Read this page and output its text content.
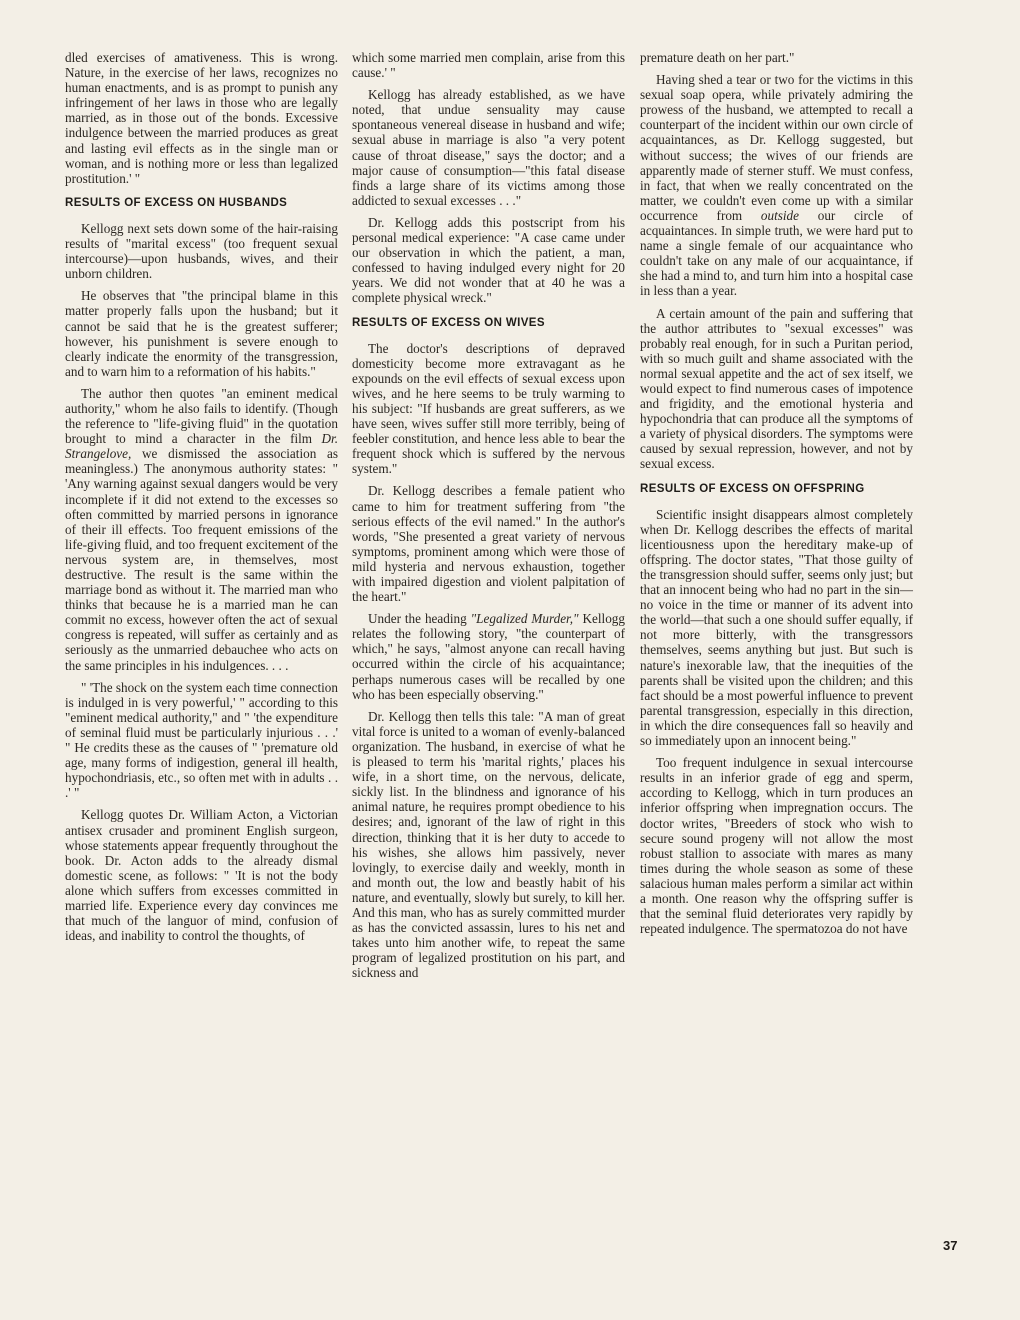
dled exercises of amativeness. This is wrong. Nature, in the exercise of her laws, recognizes no human enactments, and is as prompt to punish any infringement of her laws in those who are legally married, as in those out of the bonds. Excessive indulgence between the married produces as great and lasting evil effects as in the single man or woman, and is nothing more or less than legalized prostitution.' "

RESULTS OF EXCESS ON HUSBANDS

Kellogg next sets down some of the hair-raising results of "marital excess" (too frequent sexual intercourse)—upon husbands, wives, and their unborn children.

He observes that "the principal blame in this matter properly falls upon the husband; but it cannot be said that he is the greatest sufferer; however, his punishment is severe enough to clearly indicate the enormity of the transgression, and to warn him to a reformation of his habits."

The author then quotes "an eminent medical authority," whom he also fails to identify. (Though the reference to "life-giving fluid" in the quotation brought to mind a character in the film Dr. Strangelove, we dismissed the association as meaningless.) The anonymous authority states: " 'Any warning against sexual dangers would be very incomplete if it did not extend to the excesses so often committed by married persons in ignorance of their ill effects. Too frequent emissions of the life-giving fluid, and too frequent excitement of the nervous system are, in themselves, most destructive. The result is the same within the marriage bond as without it. The married man who thinks that because he is a married man he can commit no excess, however often the act of sexual congress is repeated, will suffer as certainly and as seriously as the unmarried debauchee who acts on the same principles in his indulgences. . . .

" 'The shock on the system each time connection is indulged in is very powerful,' " according to this "eminent medical authority," and " 'the expenditure of seminal fluid must be particularly injurious . . .' " He credits these as the causes of " 'premature old age, many forms of indigestion, general ill health, hypochondriasis, etc., so often met with in adults . . .' "

Kellogg quotes Dr. William Acton, a Victorian antisex crusader and prominent English surgeon, whose statements appear frequently throughout the book. Dr. Acton adds to the already dismal domestic scene, as follows: " 'It is not the body alone which suffers from excesses committed in married life. Experience every day convinces me that much of the languor of mind, confusion of ideas, and inability to control the thoughts, of

which some married men complain, arise from this cause.' "

Kellogg has already established, as we have noted, that undue sensuality may cause spontaneous venereal disease in husband and wife; sexual abuse in marriage is also "a very potent cause of throat disease," says the doctor; and a major cause of consumption—"this fatal disease finds a large share of its victims among those addicted to sexual excesses . . ."

Dr. Kellogg adds this postscript from his personal medical experience: "A case came under our observation in which the patient, a man, confessed to having indulged every night for 20 years. We did not wonder that at 40 he was a complete physical wreck."

RESULTS OF EXCESS ON WIVES

The doctor's descriptions of depraved domesticity become more extravagant as he expounds on the evil effects of sexual excess upon wives, and he here seems to be truly warming to his subject: "If husbands are great sufferers, as we have seen, wives suffer still more terribly, being of feebler constitution, and hence less able to bear the frequent shock which is suffered by the nervous system."

Dr. Kellogg describes a female patient who came to him for treatment suffering from "the serious effects of the evil named." In the author's words, "She presented a great variety of nervous symptoms, prominent among which were those of mild hysteria and nervous exhaustion, together with impaired digestion and violent palpitation of the heart."

Under the heading "Legalized Murder," Kellogg relates the following story, "the counterpart of which," he says, "almost anyone can recall having occurred within the circle of his acquaintance; perhaps numerous cases will be recalled by one who has been especially observing."

Dr. Kellogg then tells this tale: "A man of great vital force is united to a woman of evenly-balanced organization. The husband, in exercise of what he is pleased to term his 'marital rights,' places his wife, in a short time, on the nervous, delicate, sickly list. In the blindness and ignorance of his animal nature, he requires prompt obedience to his desires; and, ignorant of the law of right in this direction, thinking that it is her duty to accede to his wishes, she allows him passively, never lovingly, to exercise daily and weekly, month in and month out, the low and beastly habit of his nature, and eventually, slowly but surely, to kill her. And this man, who has as surely committed murder as has the convicted assassin, lures to his net and takes unto him another wife, to repeat the same program of legalized prostitution on his part, and sickness and

premature death on her part."

Having shed a tear or two for the victims in this sexual soap opera, while privately admiring the prowess of the husband, we attempted to recall a counterpart of the incident within our own circle of acquaintances, as Dr. Kellogg suggested, but without success; the wives of our friends are apparently made of sterner stuff. We must confess, in fact, that when we really concentrated on the matter, we couldn't even come up with a similar occurrence from outside our circle of acquaintances. In simple truth, we were hard put to name a single female of our acquaintance who couldn't take on any male of our acquaintance, if she had a mind to, and turn him into a hospital case in less than a year.

A certain amount of the pain and suffering that the author attributes to "sexual excesses" was probably real enough, for in such a Puritan period, with so much guilt and shame associated with the normal sexual appetite and the act of sex itself, we would expect to find numerous cases of impotence and frigidity, and the emotional hysteria and hypochondria that can produce all the symptoms of a variety of physical disorders. The symptoms were caused by sexual repression, however, and not by sexual excess.

RESULTS OF EXCESS ON OFFSPRING

Scientific insight disappears almost completely when Dr. Kellogg describes the effects of marital licentiousness upon the hereditary make-up of offspring. The doctor states, "That those guilty of the transgression should suffer, seems only just; but that an innocent being who had no part in the sin—no voice in the time or manner of its advent into the world—that such a one should suffer equally, if not more bitterly, with the transgressors themselves, seems anything but just. But such is nature's inexorable law, that the inequities of the parents shall be visited upon the children; and this fact should be a most powerful influence to prevent parental transgression, especially in this direction, in which the dire consequences fall so heavily and so immediately upon an innocent being."

Too frequent indulgence in sexual intercourse results in an inferior grade of egg and sperm, according to Kellogg, which in turn produces an inferior offspring when impregnation occurs. The doctor writes, "Breeders of stock who wish to secure sound progeny will not allow the most robust stallion to associate with mares as many times during the whole season as some of these salacious human males perform a similar act within a month. One reason why the offspring suffer is that the seminal fluid deteriorates very rapidly by repeated indulgence. The spermatozoa do not have

37
